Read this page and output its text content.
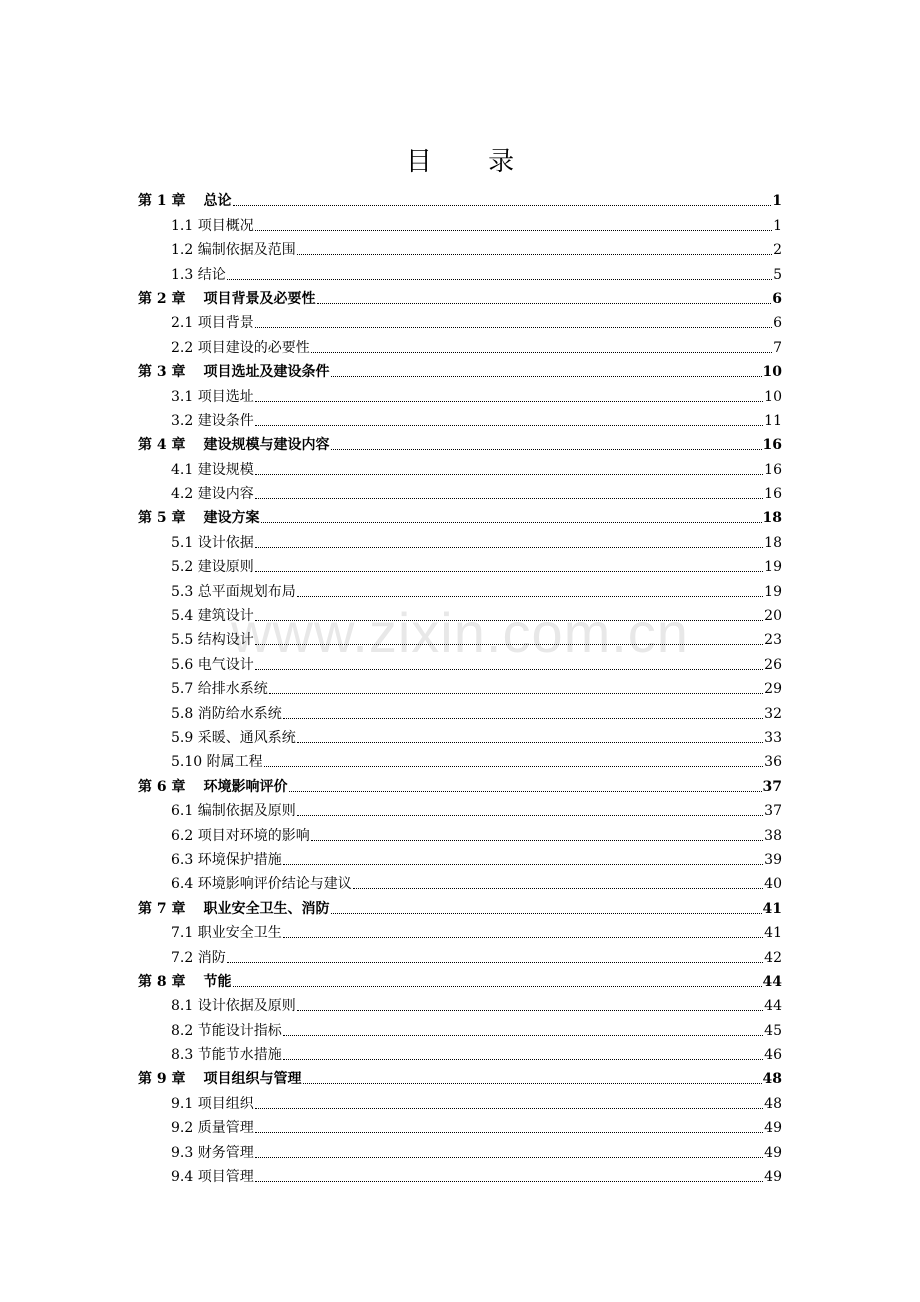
目 录
www.zixin.com.cn
第 1 章 总论	1
1.1 项目概况	1
1.2 编制依据及范围	2
1.3 结论	5
第 2 章 项目背景及必要性	6
2.1 项目背景	6
2.2 项目建设的必要性	7
第 3 章 项目选址及建设条件	10
3.1 项目选址	10
3.2 建设条件	11
第 4 章 建设规模与建设内容	16
4.1 建设规模	16
4.2 建设内容	16
第 5 章 建设方案	18
5.1 设计依据	18
5.2 建设原则	19
5.3 总平面规划布局	19
5.4 建筑设计	20
5.5 结构设计	23
5.6 电气设计	26
5.7 给排水系统	29
5.8 消防给水系统	32
5.9 采暖、通风系统	33
5.10 附属工程	36
第 6 章 环境影响评价	37
6.1 编制依据及原则	37
6.2 项目对环境的影响	38
6.3 环境保护措施	39
6.4 环境影响评价结论与建议	40
第 7 章 职业安全卫生、消防	41
7.1 职业安全卫生	41
7.2 消防	42
第 8 章 节能	44
8.1 设计依据及原则	44
8.2 节能设计指标	45
8.3 节能节水措施	46
第 9 章 项目组织与管理	48
9.1 项目组织	48
9.2 质量管理	49
9.3 财务管理	49
9.4 项目管理	49
